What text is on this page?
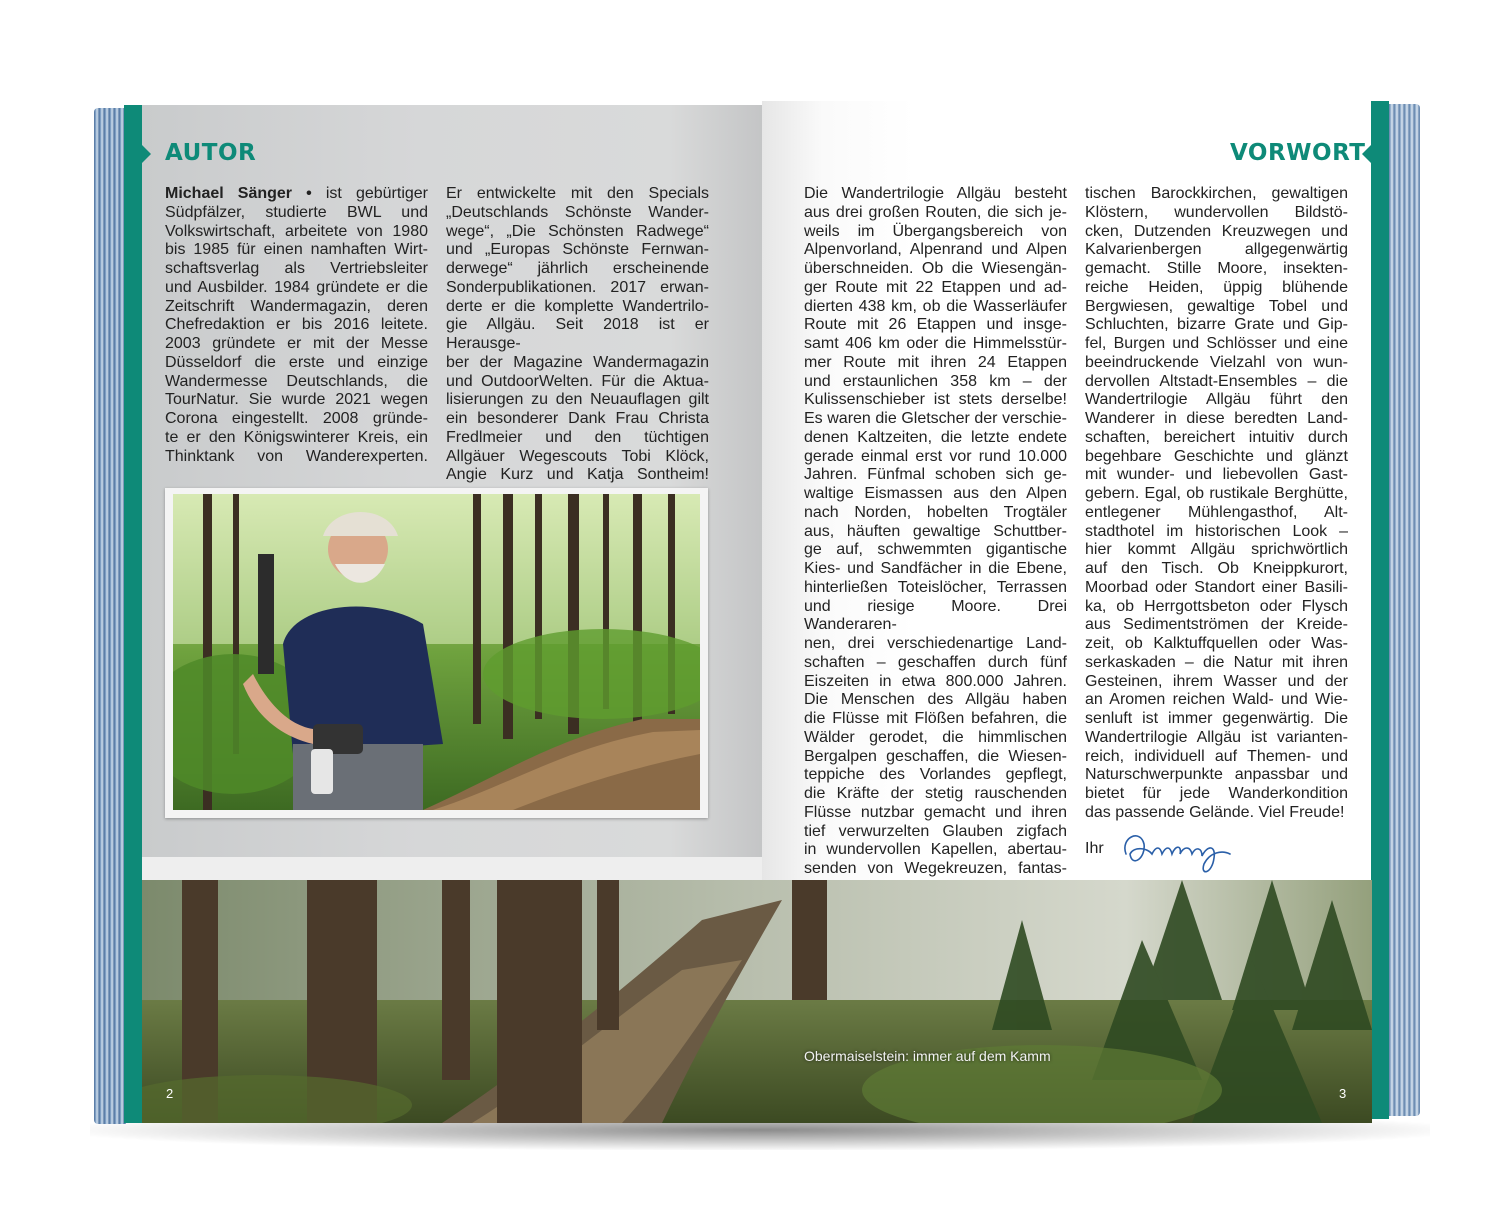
AUTOR

Michael Sänger • ist gebürtiger

Südpfälzer, studierte BWL und

Volkswirtschaft, arbeitete von 1980

bis 1985 für einen namhaften Wirt-

schaftsverlag als Vertriebsleiter

und Ausbilder. 1984 gründete er die

Zeitschrift Wandermagazin, deren

Chefredaktion er bis 2016 leitete.

2003 gründete er mit der Messe

Düsseldorf die erste und einzige

Wandermesse Deutschlands, die

TourNatur. Sie wurde 2021 wegen

Corona eingestellt. 2008 gründe-

te er den Königswinterer Kreis, ein

Thinktank von Wanderexperten.

Er entwickelte mit den Specials

„Deutschlands Schönste Wander-

wege“, „Die Schönsten Radwege“

und „Europas Schönste Fernwan-

derwege“ jährlich erscheinende

Sonderpublikationen. 2017 erwan-

derte er die komplette Wandertrilo-

gie Allgäu. Seit 2018 ist er Herausge-

ber der Magazine Wandermagazin

und OutdoorWelten. Für die Aktua-

lisierungen zu den Neuauflagen gilt

ein besonderer Dank Frau Christa

Fredlmeier und den tüchtigen

Allgäuer Wegescouts Tobi Klöck,

Angie Kurz und Katja Sontheim!

VORWORT

Die Wandertrilogie Allgäu besteht

aus drei großen Routen, die sich je-

weils im Übergangsbereich von

Alpenvorland, Alpenrand und Alpen

überschneiden. Ob die Wiesengän-

ger Route mit 22 Etappen und ad-

dierten 438 km, ob die Wasserläufer

Route mit 26 Etappen und insge-

samt 406 km oder die Himmelsstür-

mer Route mit ihren 24 Etappen

und erstaunlichen 358 km – der

Kulissenschieber ist stets derselbe!

Es waren die Gletscher der verschie-

denen Kaltzeiten, die letzte endete

gerade einmal erst vor rund 10.000

Jahren. Fünfmal schoben sich ge-

waltige Eismassen aus den Alpen

nach Norden, hobelten Trogtäler

aus, häuften gewaltige Schuttber-

ge auf, schwemmten gigantische

Kies- und Sandfächer in die Ebene,

hinterließen Toteislöcher, Terrassen

und riesige Moore. Drei Wanderaren-

nen, drei verschiedenartige Land-

schaften – geschaffen durch fünf

Eiszeiten in etwa 800.000 Jahren.

Die Menschen des Allgäu haben

die Flüsse mit Flößen befahren, die

Wälder gerodet, die himmlischen

Bergalpen geschaffen, die Wiesen-

teppiche des Vorlandes gepflegt,

die Kräfte der stetig rauschenden

Flüsse nutzbar gemacht und ihren

tief verwurzelten Glauben zigfach

in wundervollen Kapellen, abertau-

senden von Wegekreuzen, fantas-

tischen Barockkirchen, gewaltigen

Klöstern, wundervollen Bildstö-

cken, Dutzenden Kreuzwegen und

Kalvarienbergen allgegenwärtig

gemacht. Stille Moore, insekten-

reiche Heiden, üppig blühende

Bergwiesen, gewaltige Tobel und

Schluchten, bizarre Grate und Gip-

fel, Burgen und Schlösser und eine

beeindruckende Vielzahl von wun-

dervollen Altstadt-Ensembles – die

Wandertrilogie Allgäu führt den

Wanderer in diese beredten Land-

schaften, bereichert intuitiv durch

begehbare Geschichte und glänzt

mit wunder- und liebevollen Gast-

gebern. Egal, ob rustikale Berghütte,

entlegener Mühlengasthof, Alt-

stadthotel im historischen Look –

hier kommt Allgäu sprichwörtlich

auf den Tisch. Ob Kneippkurort,

Moorbad oder Standort einer Basili-

ka, ob Herrgottsbeton oder Flysch

aus Sedimentströmen der Kreide-

zeit, ob Kalktuffquellen oder Was-

serkaskaden – die Natur mit ihren

Gesteinen, ihrem Wasser und der

an Aromen reichen Wald- und Wie-

senluft ist immer gegenwärtig. Die

Wandertrilogie Allgäu ist varianten-

reich, individuell auf Themen- und

Naturschwerpunkte anpassbar und

bietet für jede Wanderkondition

das passende Gelände. Viel Freude!

Ihr
Obermaiselstein: immer auf dem Kamm
2	3
